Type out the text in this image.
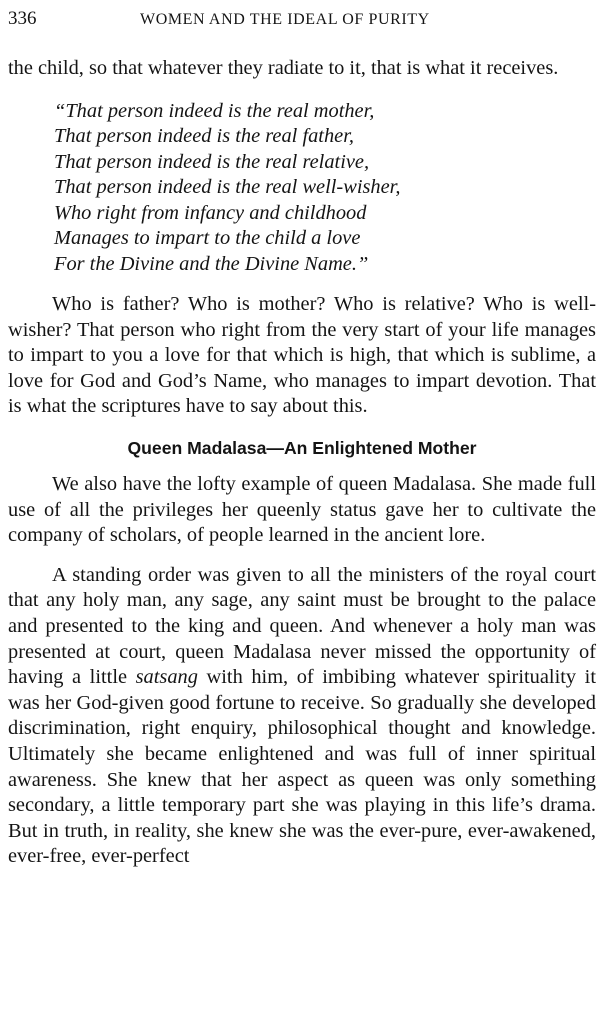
336	WOMEN AND THE IDEAL OF PURITY

the child, so that whatever they radiate to it, that is what it receives.

“That person indeed is the real mother,
That person indeed is the real father,
That person indeed is the real relative,
That person indeed is the real well-wisher,
Who right from infancy and childhood
Manages to impart to the child a love
For the Divine and the Divine Name.”

Who is father? Who is mother? Who is relative? Who is well-wisher? That person who right from the very start of your life manages to impart to you a love for that which is high, that which is sublime, a love for God and God’s Name, who manages to impart devotion. That is what the scriptures have to say about this.

Queen Madalasa—An Enlightened Mother

We also have the lofty example of queen Madalasa. She made full use of all the privileges her queenly status gave her to cultivate the company of scholars, of people learned in the ancient lore.

A standing order was given to all the ministers of the royal court that any holy man, any sage, any saint must be brought to the palace and presented to the king and queen. And whenever a holy man was presented at court, queen Madalasa never missed the opportunity of having a little satsang with him, of imbibing whatever spirituality it was her God-given good fortune to receive. So gradually she developed discrimination, right enquiry, philosophical thought and knowledge. Ultimately she became enlightened and was full of inner spiritual awareness. She knew that her aspect as queen was only something secondary, a little temporary part she was playing in this life’s drama. But in truth, in reality, she knew she was the ever-pure, ever-awakened, ever-free, ever-perfect
